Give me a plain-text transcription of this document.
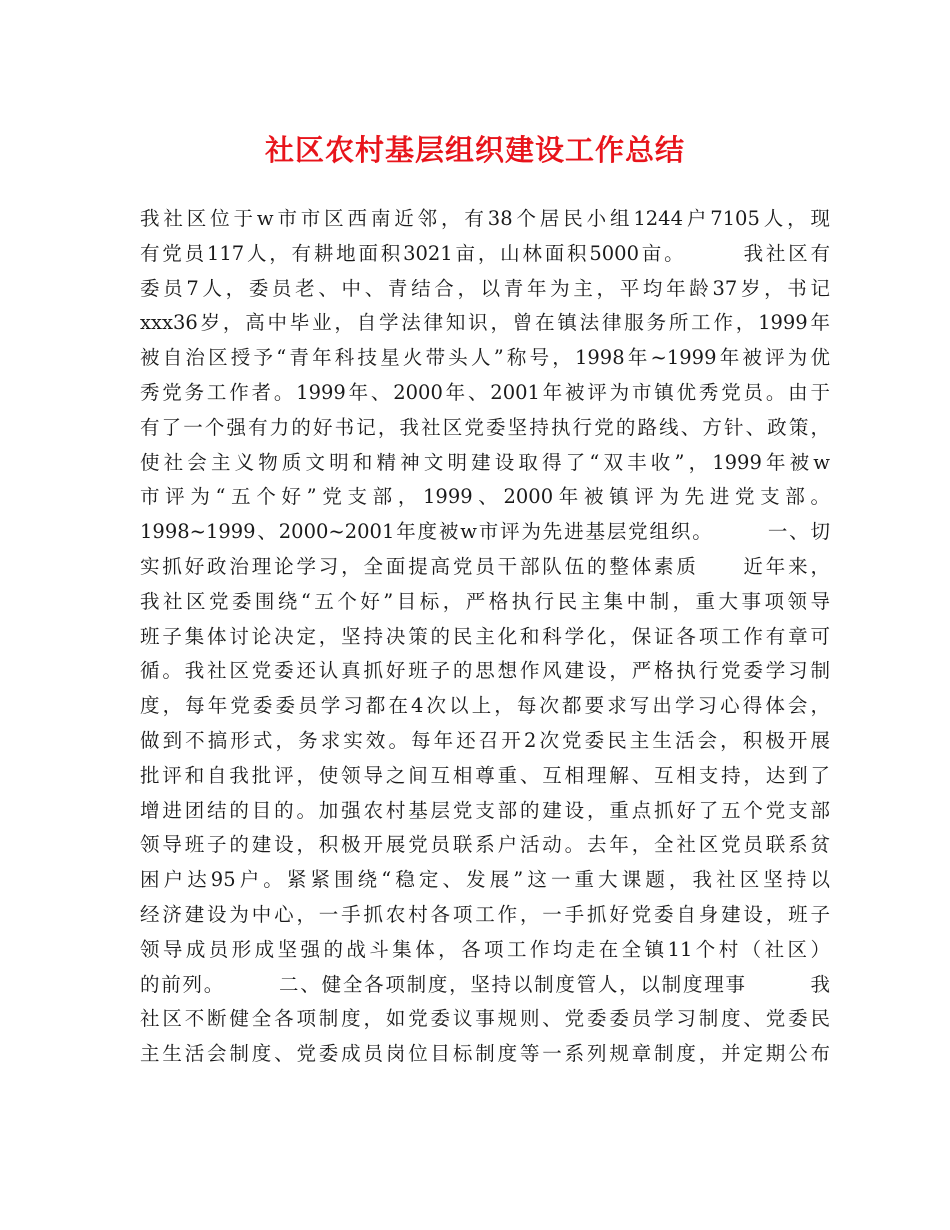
社区农村基层组织建设工作总结
我社区位于w市市区西南近邻，有38个居民小组1244户7105人，现
有党员117人，有耕地面积3021亩，山林面积5000亩。　　　我社区有
委员7人，委员老、中、青结合，以青年为主，平均年龄37岁，书记
xxx36岁，高中毕业，自学法律知识，曾在镇法律服务所工作，1999年
被自治区授予“青年科技星火带头人”称号，1998年~1999年被评为优
秀党务工作者。1999年、2000年、2001年被评为市镇优秀党员。由于
有了一个强有力的好书记，我社区党委坚持执行党的路线、方针、政策，
使社会主义物质文明和精神文明建设取得了“双丰收”，1999年被w
市评为“五个好”党支部，1999、2000年被镇评为先进党支部。
1998~1999、2000~2001年度被w市评为先进基层党组织。　　　一、切
实抓好政治理论学习，全面提高党员干部队伍的整体素质　　近年来，
我社区党委围绕“五个好”目标，严格执行民主集中制，重大事项领导
班子集体讨论决定，坚持决策的民主化和科学化，保证各项工作有章可
循。我社区党委还认真抓好班子的思想作风建设，严格执行党委学习制
度，每年党委委员学习都在4次以上，每次都要求写出学习心得体会，
做到不搞形式，务求实效。每年还召开2次党委民主生活会，积极开展
批评和自我批评，使领导之间互相尊重、互相理解、互相支持，达到了
增进团结的目的。加强农村基层党支部的建设，重点抓好了五个党支部
领导班子的建设，积极开展党员联系户活动。去年，全社区党员联系贫
困户达95户。紧紧围绕“稳定、发展”这一重大课题，我社区坚持以
经济建设为中心，一手抓农村各项工作，一手抓好党委自身建设，班子
领导成员形成坚强的战斗集体，各项工作均走在全镇11个村（社区）
的前列。　　　二、健全各项制度，坚持以制度管人，以制度理事　　　我
社区不断健全各项制度，如党委议事规则、党委委员学习制度、党委民
主生活会制度、党委成员岗位目标制度等一系列规章制度，并定期公布
